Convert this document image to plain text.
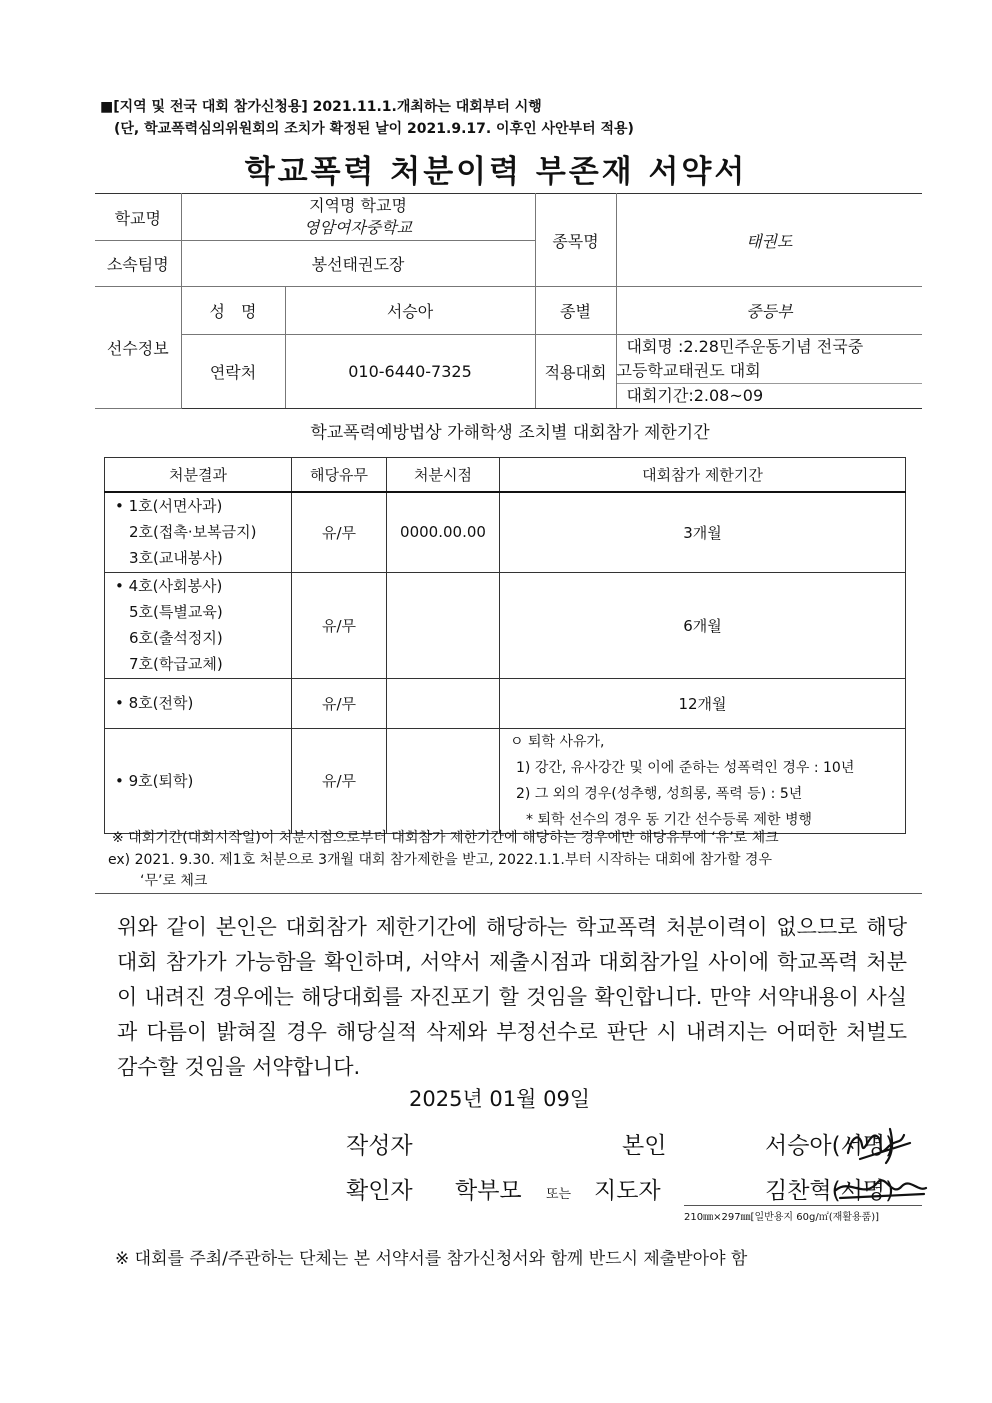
■[지역 및 전국 대회 참가신청용] 2021.11.1.개최하는 대회부터 시행
(단, 학교폭력심의위원회의 조치가 확정된 날이 2021.9.17. 이후인 사안부터 적용)
학교폭력 처분이력 부존재 서약서
학교명	지역명 학교명
영암여자중학교		종목명	태권도
소속팀명	봉선태권도장			
선수정보	성　명	서승아	종별	중등부
	연락처	010-6440-7325	적용대회	대회명 :2.28민주운동기념 전국중
고등학교태권도 대회
대회기간:2.08~09
학교폭력예방법상 가해학생 조치별 대회참가 제한기간
처분결과	해당유무	처분시점	대회참가 제한기간

• 1호(서면사과)
2호(접촉·보복금지)
3호(교내봉사)	유/무	0000.00.00	3개월

• 4호(사회봉사)
5호(특별교육)
6호(출석정지)
7호(학급교체)	유/무		6개월
• 8호(전학)	유/무		12개월
• 9호(퇴학)	유/무		ㅇ 퇴학 사유가,
1) 강간, 유사강간 및 이에 준하는 성폭력인 경우 : 10년
2) 그 외의 경우(성추행, 성희롱, 폭력 등) : 5년
* 퇴학 선수의 경우 동 기간 선수등록 제한 병행
※ 대회기간(대회시작일)이 처분시점으로부터 대회참가 제한기간에 해당하는 경우에만 해당유무에 ‘유’로 체크
ex) 2021. 9.30. 제1호 처분으로 3개월 대회 참가제한을 받고, 2022.1.1.부터 시작하는 대회에 참가할 경우
‘무’로 체크
위와 같이 본인은 대회참가 제한기간에 해당하는 학교폭력 처분이력이 없으므로 해당 대회 참가가 가능함을 확인하며, 서약서 제출시점과 대회참가일 사이에 학교폭력 처분이 내려진 경우에는 해당대회를 자진포기 할 것임을 확인합니다. 만약 서약내용이 사실과 다름이 밝혀질 경우 해당실적 삭제와 부정선수로 판단 시 내려지는 어떠한 처벌도 감수할 것임을 서약합니다.
2025년 01월 09일
작성자	본인	서승아(서명)
확인자 학부모 또는 지도자	김찬혁(서명)
210㎜×297㎜[일반용지 60g/㎡(재활용품)]
※ 대회를 주최/주관하는 단체는 본 서약서를 참가신청서와 함께 반드시 제출받아야 함
